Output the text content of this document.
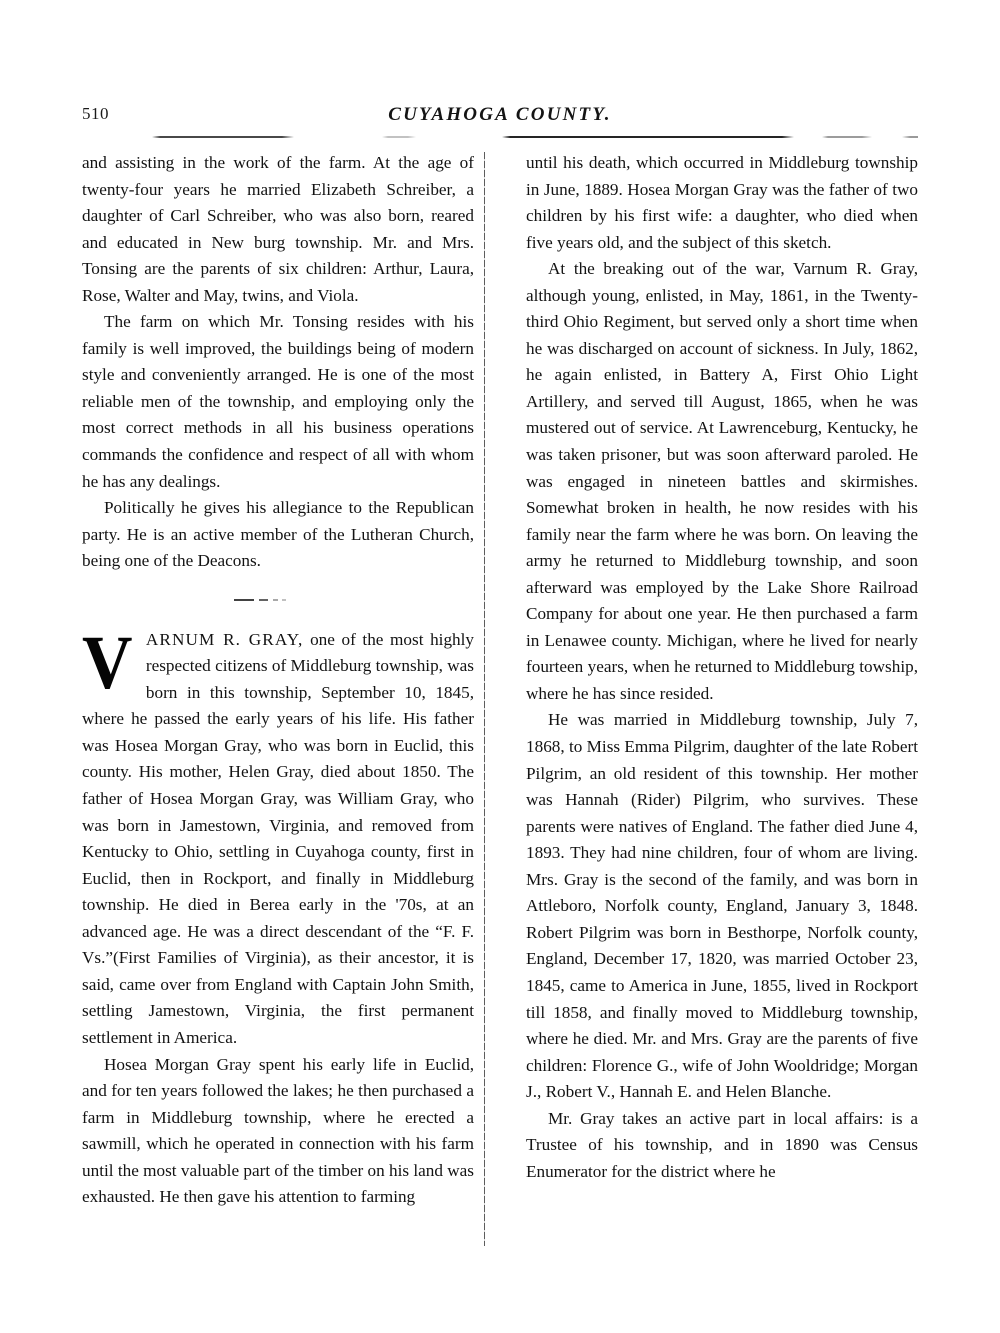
510	CUYAHOGA COUNTY.

and assisting in the work of the farm. At the age of twenty-four years he married Elizabeth Schreiber, a daughter of Carl Schreiber, who was also born, reared and educated in New burg township. Mr. and Mrs. Tonsing are the parents of six children: Arthur, Laura, Rose, Walter and May, twins, and Viola.

The farm on which Mr. Tonsing resides with his family is well improved, the buildings being of modern style and conveniently arranged. He is one of the most reliable men of the township, and employing only the most correct methods in all his business operations commands the confidence and respect of all with whom he has any dealings.

Politically he gives his allegiance to the Republican party. He is an active member of the Lutheran Church, being one of the Deacons.

V ARNUM R. GRAY, one of the most highly respected citizens of Middleburg township, was born in this township, September 10, 1845, where he passed the early years of his life. His father was Hosea Morgan Gray, who was born in Euclid, this county. His mother, Helen Gray, died about 1850. The father of Hosea Morgan Gray, was William Gray, who was born in Jamestown, Virginia, and removed from Kentucky to Ohio, settling in Cuyahoga county, first in Euclid, then in Rockport, and finally in Middleburg township. He died in Berea early in the '70s, at an advanced age. He was a direct descendant of the “F. F. Vs.”(First Families of Virginia), as their ancestor, it is said, came over from England with Captain John Smith, settling Jamestown, Virginia, the first permanent settlement in America.

Hosea Morgan Gray spent his early life in Euclid, and for ten years followed the lakes; he then purchased a farm in Middleburg township, where he erected a sawmill, which he operated in connection with his farm until the most valuable part of the timber on his land was exhausted. He then gave his attention to farming

until his death, which occurred in Middleburg township in June, 1889. Hosea Morgan Gray was the father of two children by his first wife: a daughter, who died when five years old, and the subject of this sketch.

At the breaking out of the war, Varnum R. Gray, although young, enlisted, in May, 1861, in the Twenty-third Ohio Regiment, but served only a short time when he was discharged on account of sickness. In July, 1862, he again enlisted, in Battery A, First Ohio Light Artillery, and served till August, 1865, when he was mustered out of service. At Lawrenceburg, Kentucky, he was taken prisoner, but was soon afterward paroled. He was engaged in nineteen battles and skirmishes. Somewhat broken in health, he now resides with his family near the farm where he was born. On leaving the army he returned to Middleburg township, and soon afterward was employed by the Lake Shore Railroad Company for about one year. He then purchased a farm in Lenawee county. Michigan, where he lived for nearly fourteen years, when he returned to Middleburg towship, where he has since resided.

He was married in Middleburg township, July 7, 1868, to Miss Emma Pilgrim, daughter of the late Robert Pilgrim, an old resident of this township. Her mother was Hannah (Rider) Pilgrim, who survives. These parents were natives of England. The father died June 4, 1893. They had nine children, four of whom are living. Mrs. Gray is the second of the family, and was born in Attleboro, Norfolk county, England, January 3, 1848. Robert Pilgrim was born in Besthorpe, Norfolk county, England, December 17, 1820, was married October 23, 1845, came to America in June, 1855, lived in Rockport till 1858, and finally moved to Middleburg township, where he died. Mr. and Mrs. Gray are the parents of five children: Florence G., wife of John Wooldridge; Morgan J., Robert V., Hannah E. and Helen Blanche.

Mr. Gray takes an active part in local affairs: is a Trustee of his township, and in 1890 was Census Enumerator for the district where he
